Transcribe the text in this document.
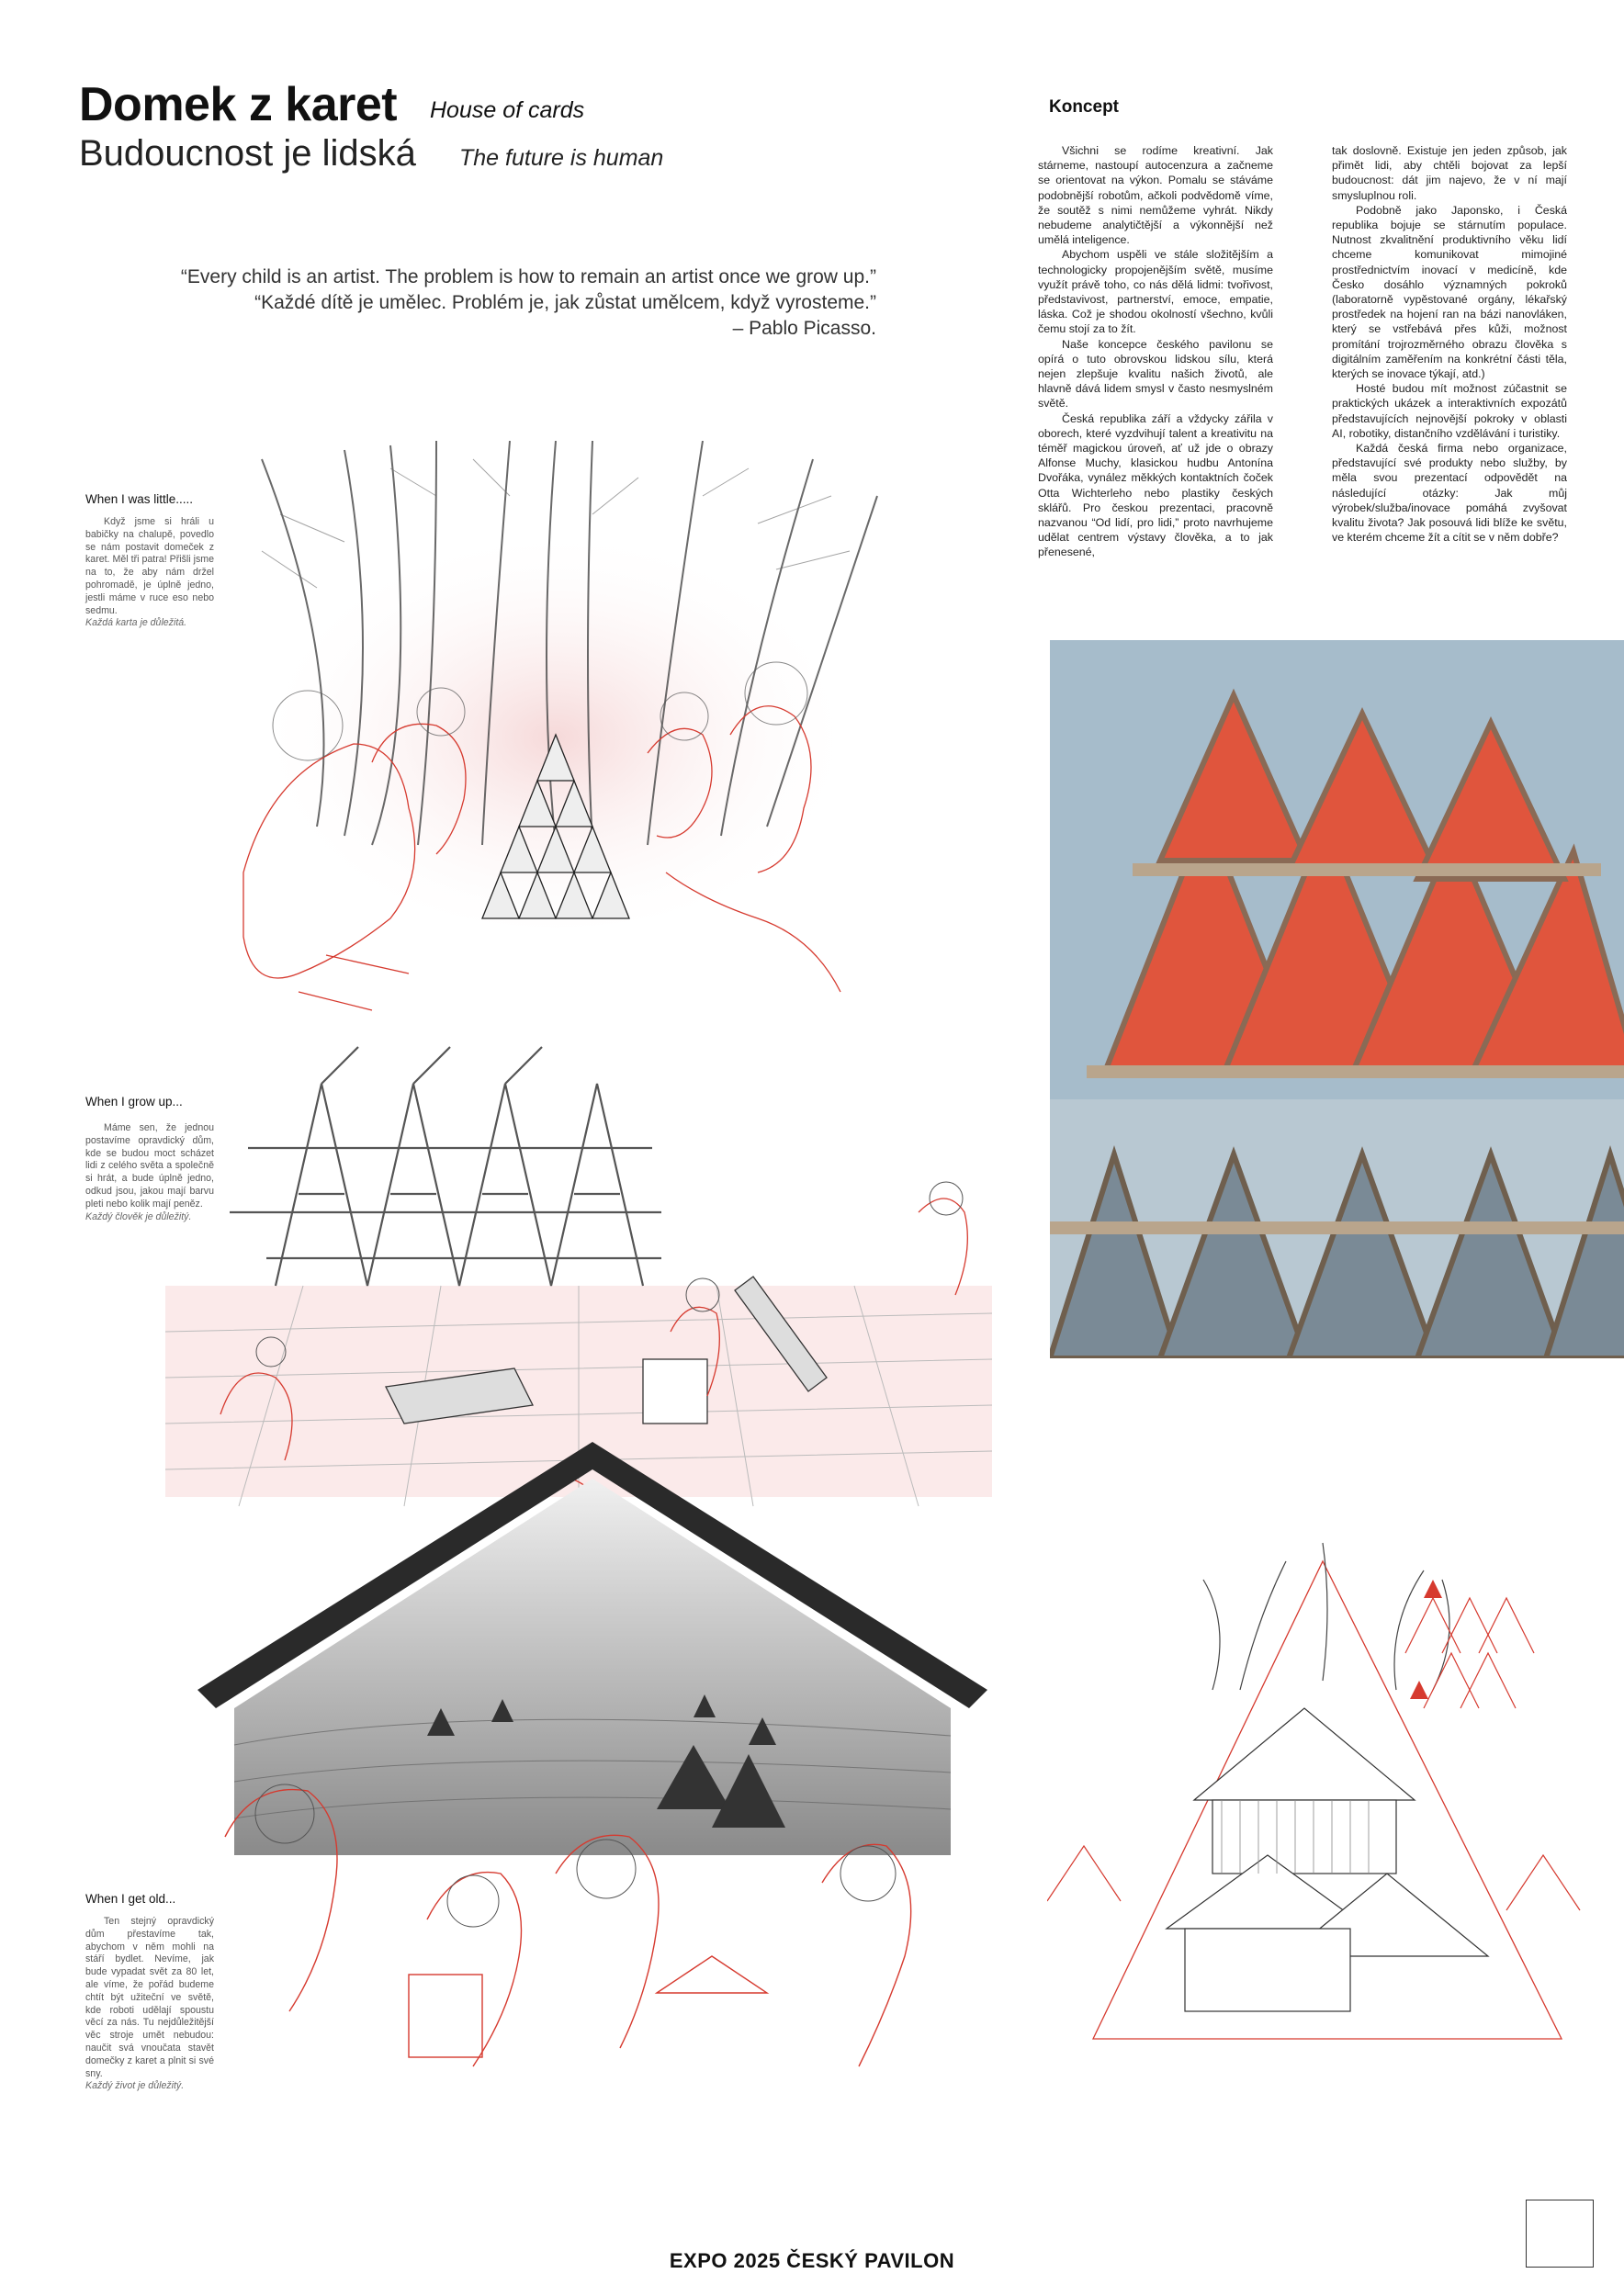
Domek z karet House of cards
Budoucnost je lidská The future is human
“Every child is an artist. The problem is how to remain an artist once we grow up.”
“Každé dítě je umělec. Problém je, jak zůstat umělcem, když vyrosteme.”
– Pablo Picasso.
Koncept

Všichni se rodíme kreativní. Jak stárneme, nastoupí autocenzura a začneme se orientovat na výkon. Pomalu se stáváme podobnější robotům, ačkoli podvědomě víme, že soutěž s nimi nemůžeme vyhrát. Nikdy nebudeme analytičtější a výkonnější než umělá inteligence.

Abychom uspěli ve stále složitějším a technologicky propojenějším světě, musíme využít právě toho, co nás dělá lidmi: tvořivost, představivost, partnerství, emoce, empatie, láska. Což je shodou okolností všechno, kvůli čemu stojí za to žít.

Naše koncepce českého pavilonu se opírá o tuto obrovskou lidskou sílu, která nejen zlepšuje kvalitu našich životů, ale hlavně dává lidem smysl v často nesmyslném světě.

Česká republika září a vždycky zářila v oborech, které vyzdvihují talent a kreativitu na téměř magickou úroveň, ať už jde o obrazy Alfonse Muchy, klasickou hudbu Antonína Dvořáka, vynález měkkých kontaktních čoček Otta Wichterleho nebo plastiky českých sklářů. Pro českou prezentaci, pracovně nazvanou “Od lidí, pro lidi,” proto navrhujeme udělat centrem výstavy člověka, a to jak přenesené,

tak doslovně. Existuje jen jeden způsob, jak přimět lidi, aby chtěli bojovat za lepší budoucnost: dát jim najevo, že v ní mají smysluplnou roli.

Podobně jako Japonsko, i Česká republika bojuje se stárnutím populace. Nutnost zkvalitnění produktivního věku lidí chceme komunikovat mimojiné prostřednictvím inovací v medicíně, kde Česko dosáhlo významných pokroků (laboratorně vypěstované orgány, lékařský prostředek na hojení ran na bázi nanovláken, který se vstřebává přes kůži, možnost promítání trojrozměrného obrazu člověka s digitálním zaměřením na konkrétní části těla, kterých se inovace týkají, atd.)

Hosté budou mít možnost zúčastnit se praktických ukázek a interaktivních expozátů představujících nejnovější pokroky v oblasti AI, robotiky, distančního vzdělávání i turistiky.

Každá česká firma nebo organizace, představující své produkty nebo služby, by měla svou prezentací odpovědět na následující otázky: Jak můj výrobek/služba/inovace pomáhá zvyšovat kvalitu života? Jak posouvá lidi blíže ke světu, ve kterém chceme žít a cítit se v něm dobře?

When I was little.....

Když jsme si hráli u babičky na chalupě, povedlo se nám postavit domeček z karet. Měl tři patra! Přišli jsme na to, že aby nám držel pohromadě, je úplně jedno, jestli máme v ruce eso nebo sedmu.

Každá karta je důležitá.
When I grow up...

Máme sen, že jednou postavíme opravdický dům, kde se budou moct scházet lidi z celého světa a společně si hrát, a bude úplně jedno, odkud jsou, jakou mají barvu pleti nebo kolik mají peněz.

Každý člověk je důležitý.
When I get old...

Ten stejný opravdický dům přestavíme tak, abychom v něm mohli na stáří bydlet. Nevíme, jak bude vypadat svět za 80 let, ale víme, že pořád budeme chtít být užiteční ve světě, kde roboti udělají spoustu věcí za nás. Tu nejdůležitější věc stroje umět nebudou: naučit svá vnoučata stavět domečky z karet a plnit si své sny.

Každý život je důležitý.
EXPO 2025 ČESKÝ PAVILON
